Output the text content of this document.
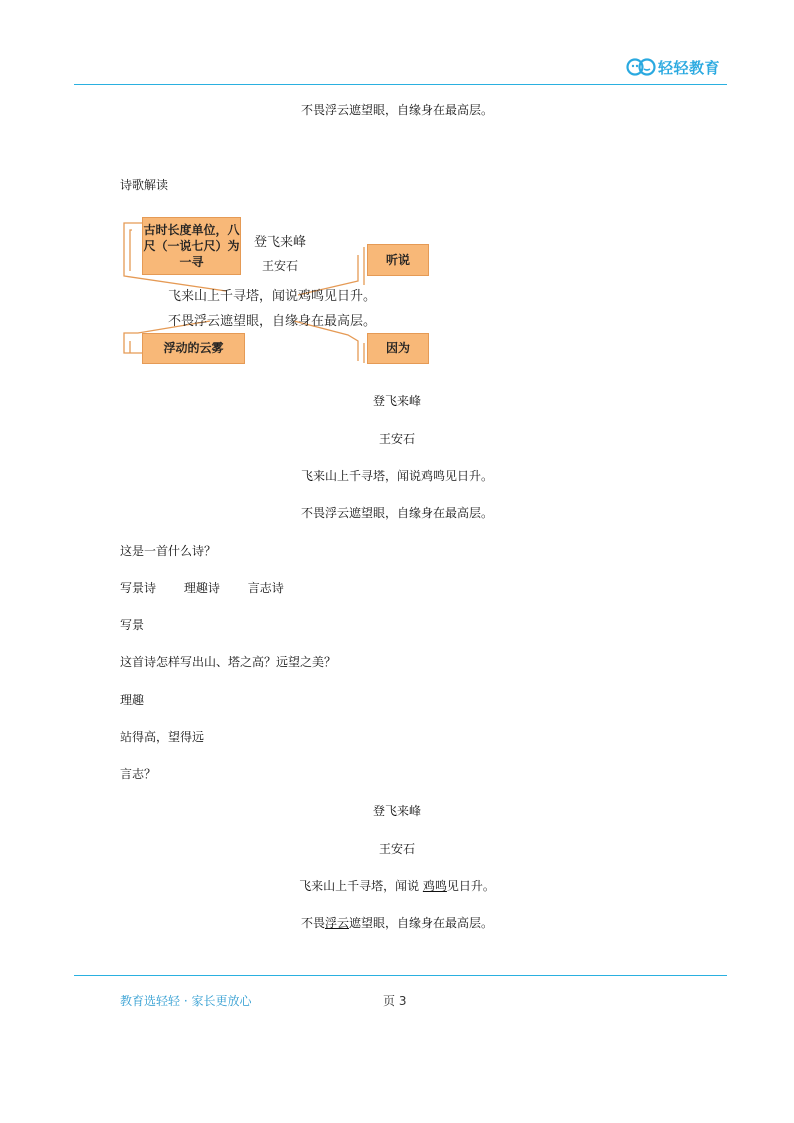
轻轻教育
不畏浮云遮望眼，自缘身在最高层。
诗歌解读
古时长度单位，八尺（一说七尺）为一寻
登飞来峰
王安石	听说
飞来山上千寻塔，闻说鸡鸣见日升。
不畏浮云遮望眼，自缘身在最高层。
浮动的云雾	因为
登飞来峰
王安石
飞来山上千寻塔，闻说鸡鸣见日升。
不畏浮云遮望眼，自缘身在最高层。
这是一首什么诗？
写景诗 理趣诗 言志诗
写景
这首诗怎样写出山、塔之高？远望之美？
理趣
站得高，望得远
言志？
登飞来峰
王安石
飞来山上千寻塔，闻说 鸡鸣见日升。
不畏浮云遮望眼，自缘身在最高层。
教育选轻轻 · 家长更放心	页 3
